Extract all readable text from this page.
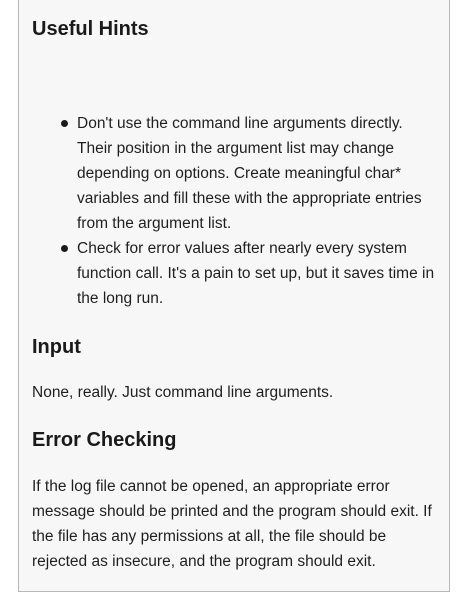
Useful Hints
Don't use the command line arguments directly. Their position in the argument list may change depending on options. Create meaningful char* variables and fill these with the appropriate entries from the argument list.
Check for error values after nearly every system function call. It's a pain to set up, but it saves time in the long run.
Input

None, really. Just command line arguments.

Error Checking

If the log file cannot be opened, an appropriate error message should be printed and the program should exit. If the file has any permissions at all, the file should be rejected as insecure, and the program should exit.
